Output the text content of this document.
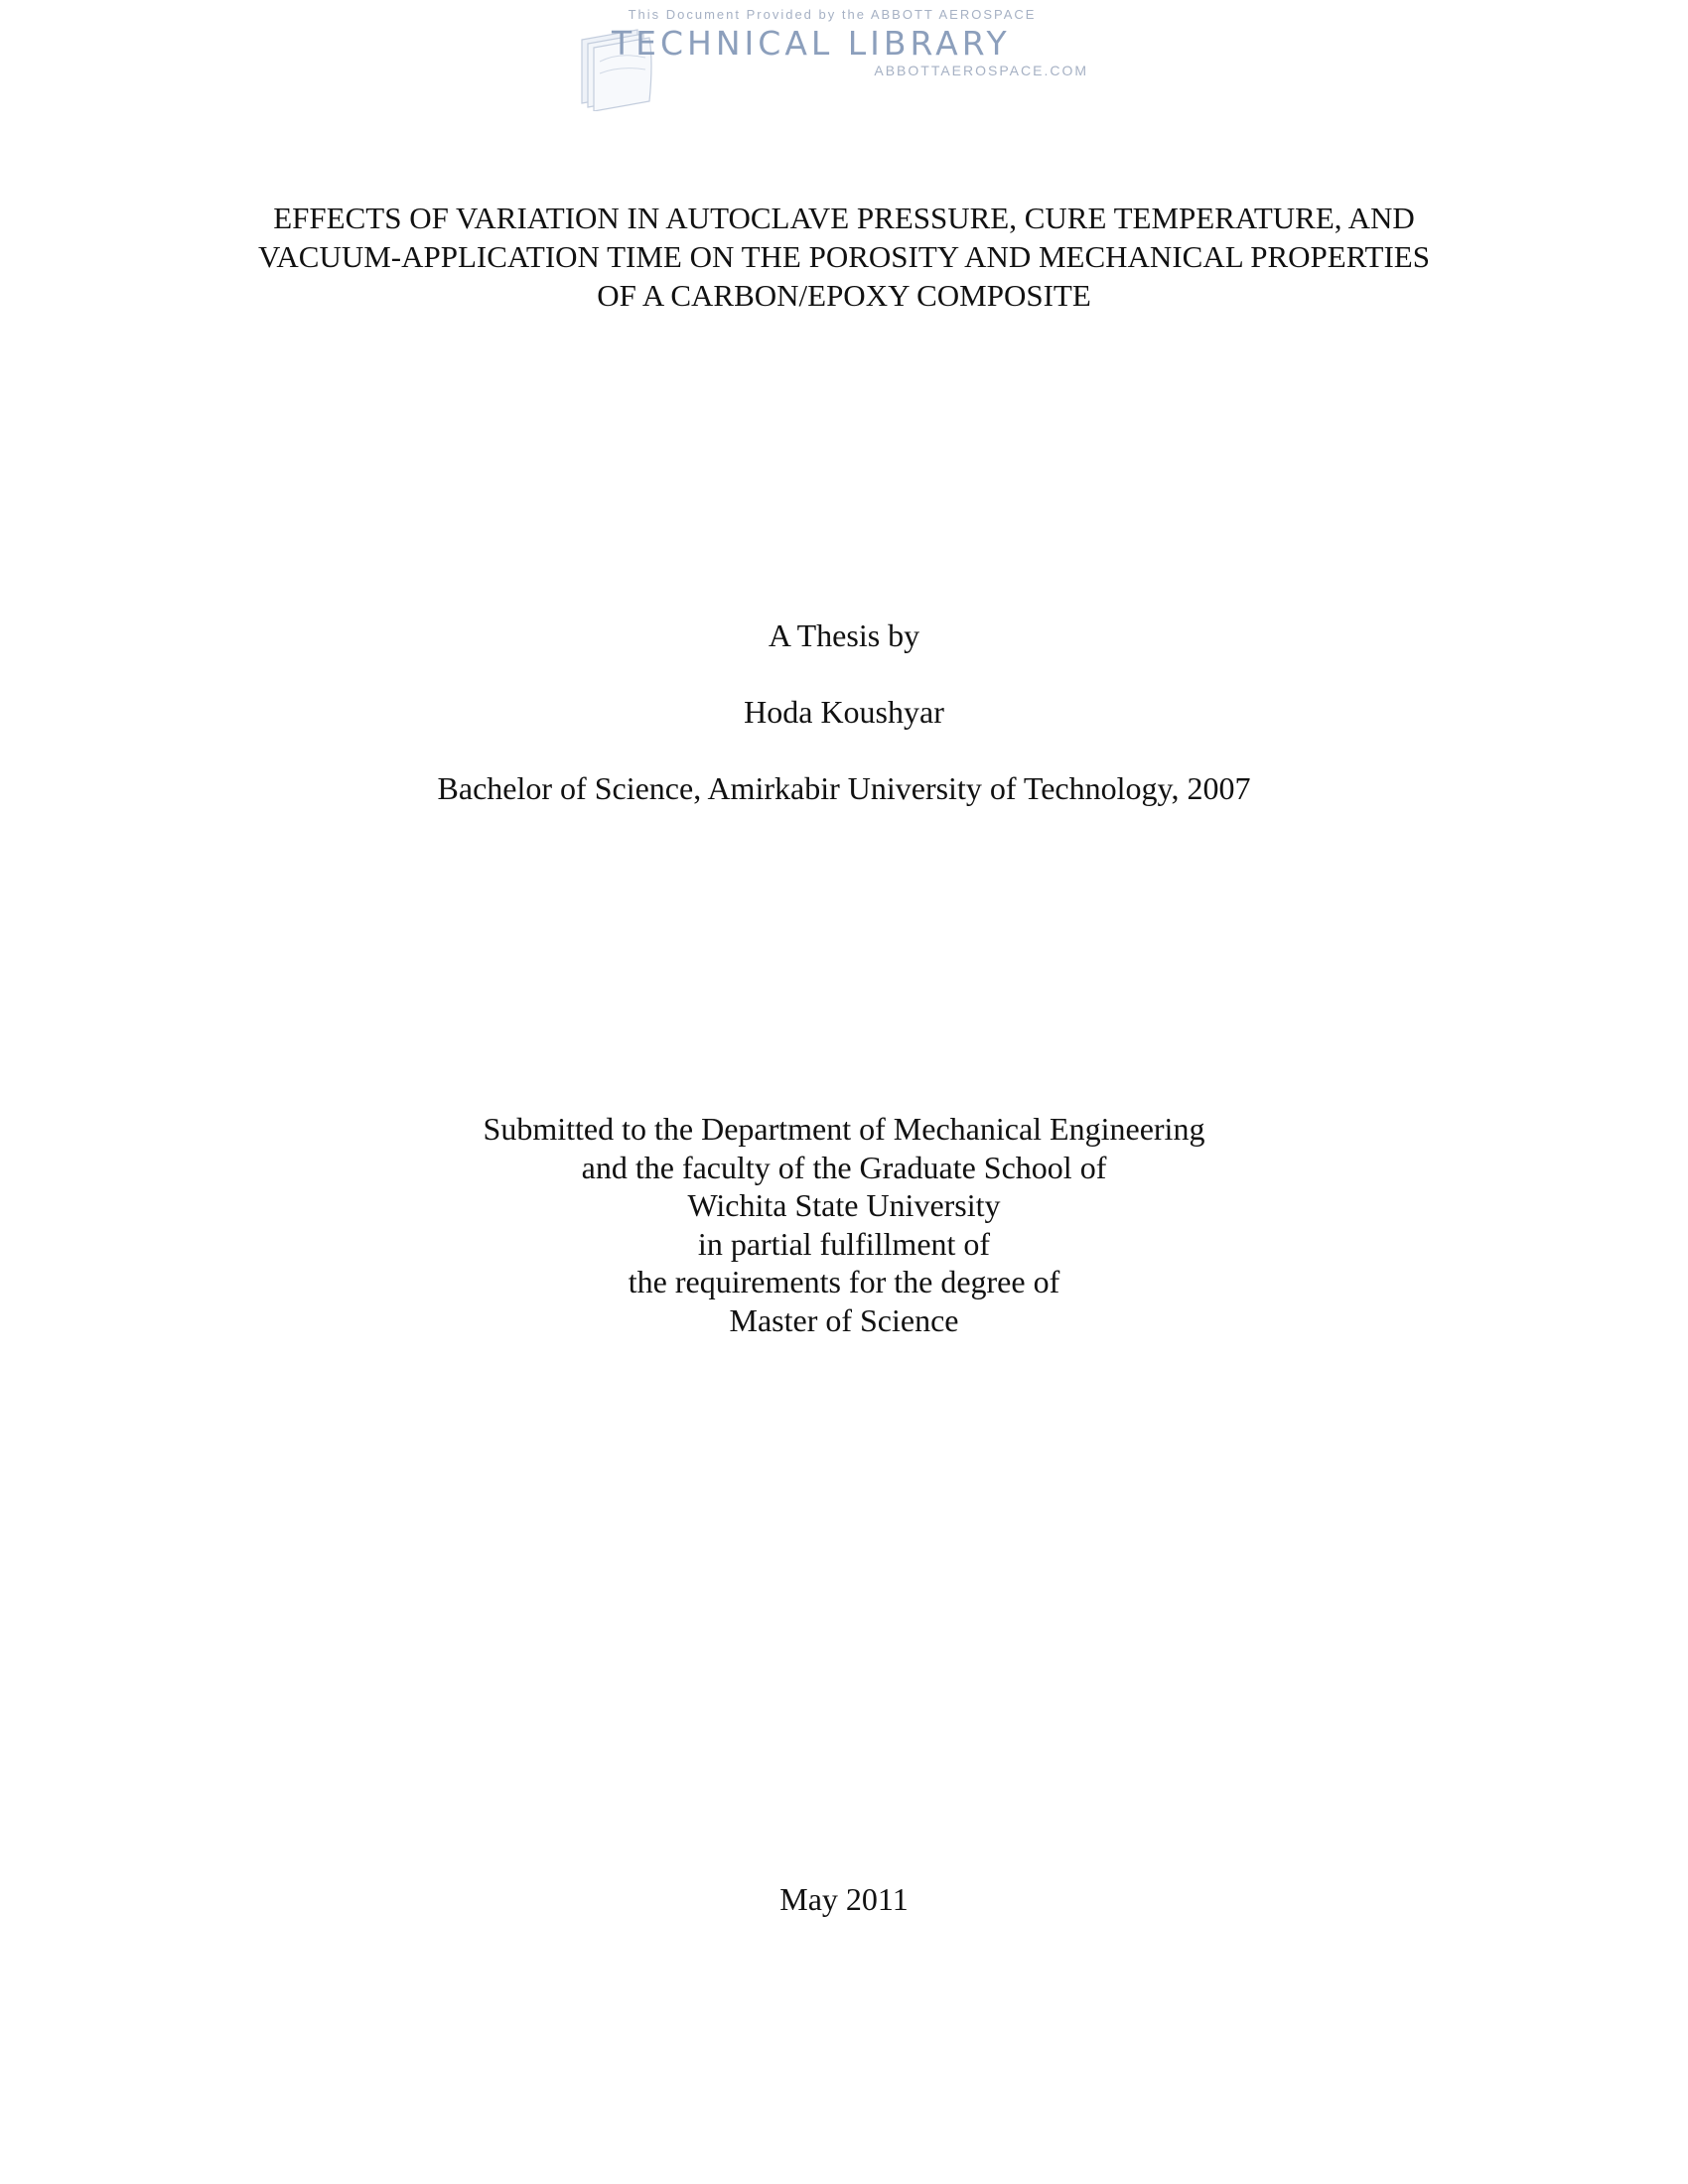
This Document Provided by the ABBOTT AEROSPACE
TECHNICAL LIBRARY
ABBOTTAEROSPACE.COM
EFFECTS OF VARIATION IN AUTOCLAVE PRESSURE, CURE TEMPERATURE, AND
VACUUM-APPLICATION TIME ON THE POROSITY AND MECHANICAL PROPERTIES
OF A CARBON/EPOXY COMPOSITE
A Thesis by
Hoda Koushyar
Bachelor of Science, Amirkabir University of Technology, 2007
Submitted to the Department of Mechanical Engineering
and the faculty of the Graduate School of
Wichita State University
in partial fulfillment of
the requirements for the degree of
Master of Science
May 2011
